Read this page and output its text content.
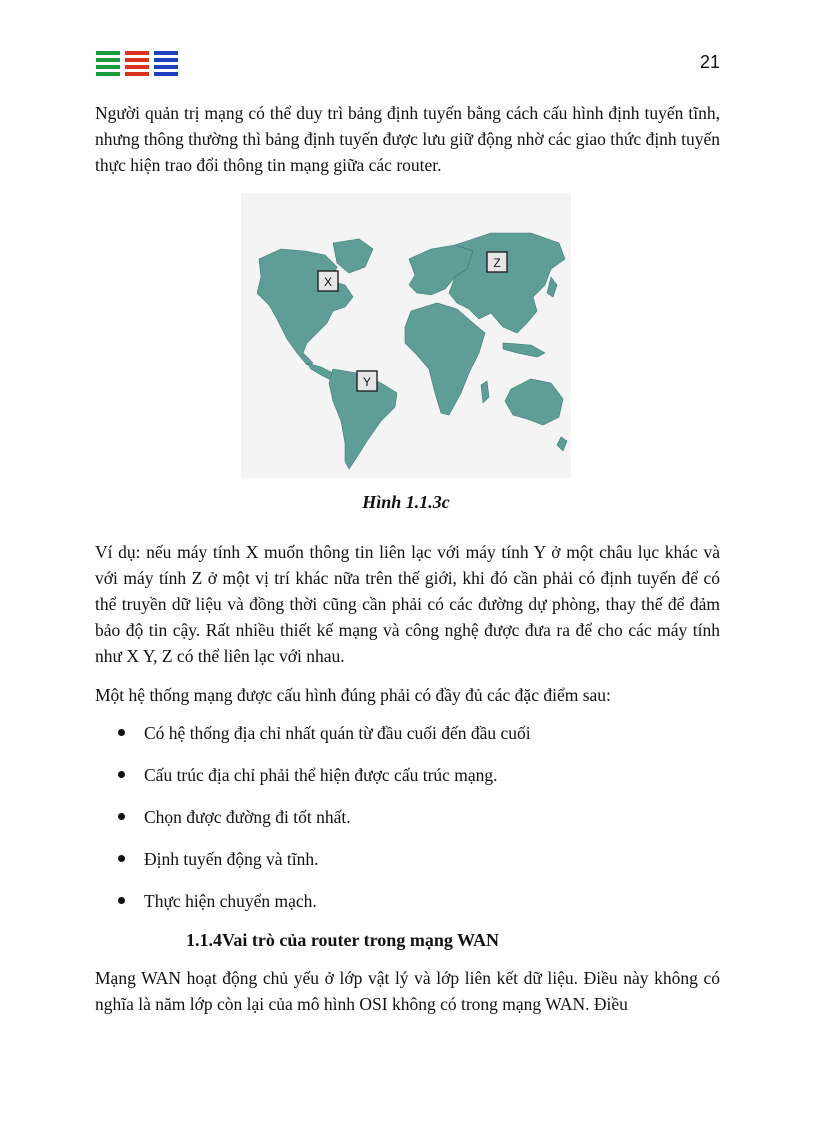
21

Người quản trị mạng có thể duy trì bảng định tuyến bằng cách cấu hình định tuyến tĩnh, nhưng thông thường thì bảng định tuyến được lưu giữ động nhờ các giao thức định tuyến thực hiện trao đổi thông tin mạng giữa các router.

X
Y
Z
Hình 1.1.3c

Ví dụ: nếu máy tính X muốn thông tin liên lạc với máy tính Y ở một châu lục khác và với máy tính Z ở một vị trí khác nữa trên thế giới, khi đó cần phải có định tuyến để có thể truyền dữ liệu và đồng thời cũng cần phải có các đường dự phòng, thay thế để đảm bảo độ tin cậy. Rất nhiều thiết kế mạng và công nghệ được đưa ra để cho các máy tính như X Y, Z có thể liên lạc với nhau.

Một hệ thống mạng được cấu hình đúng phải có đầy đủ các đặc điểm sau:

Có hệ thống địa chỉ nhất quán từ đầu cuối đến đầu cuối
Cấu trúc địa chỉ phải thể hiện được cấu trúc mạng.
Chọn được đường đi tốt nhất.
Định tuyến động và tĩnh.
Thực hiện chuyển mạch.
1.1.4Vai trò của router trong mạng WAN

Mạng WAN hoạt động chủ yếu ở lớp vật lý và lớp liên kết dữ liệu. Điều này không có nghĩa là năm lớp còn lại của mô hình OSI không có trong mạng WAN. Điều
